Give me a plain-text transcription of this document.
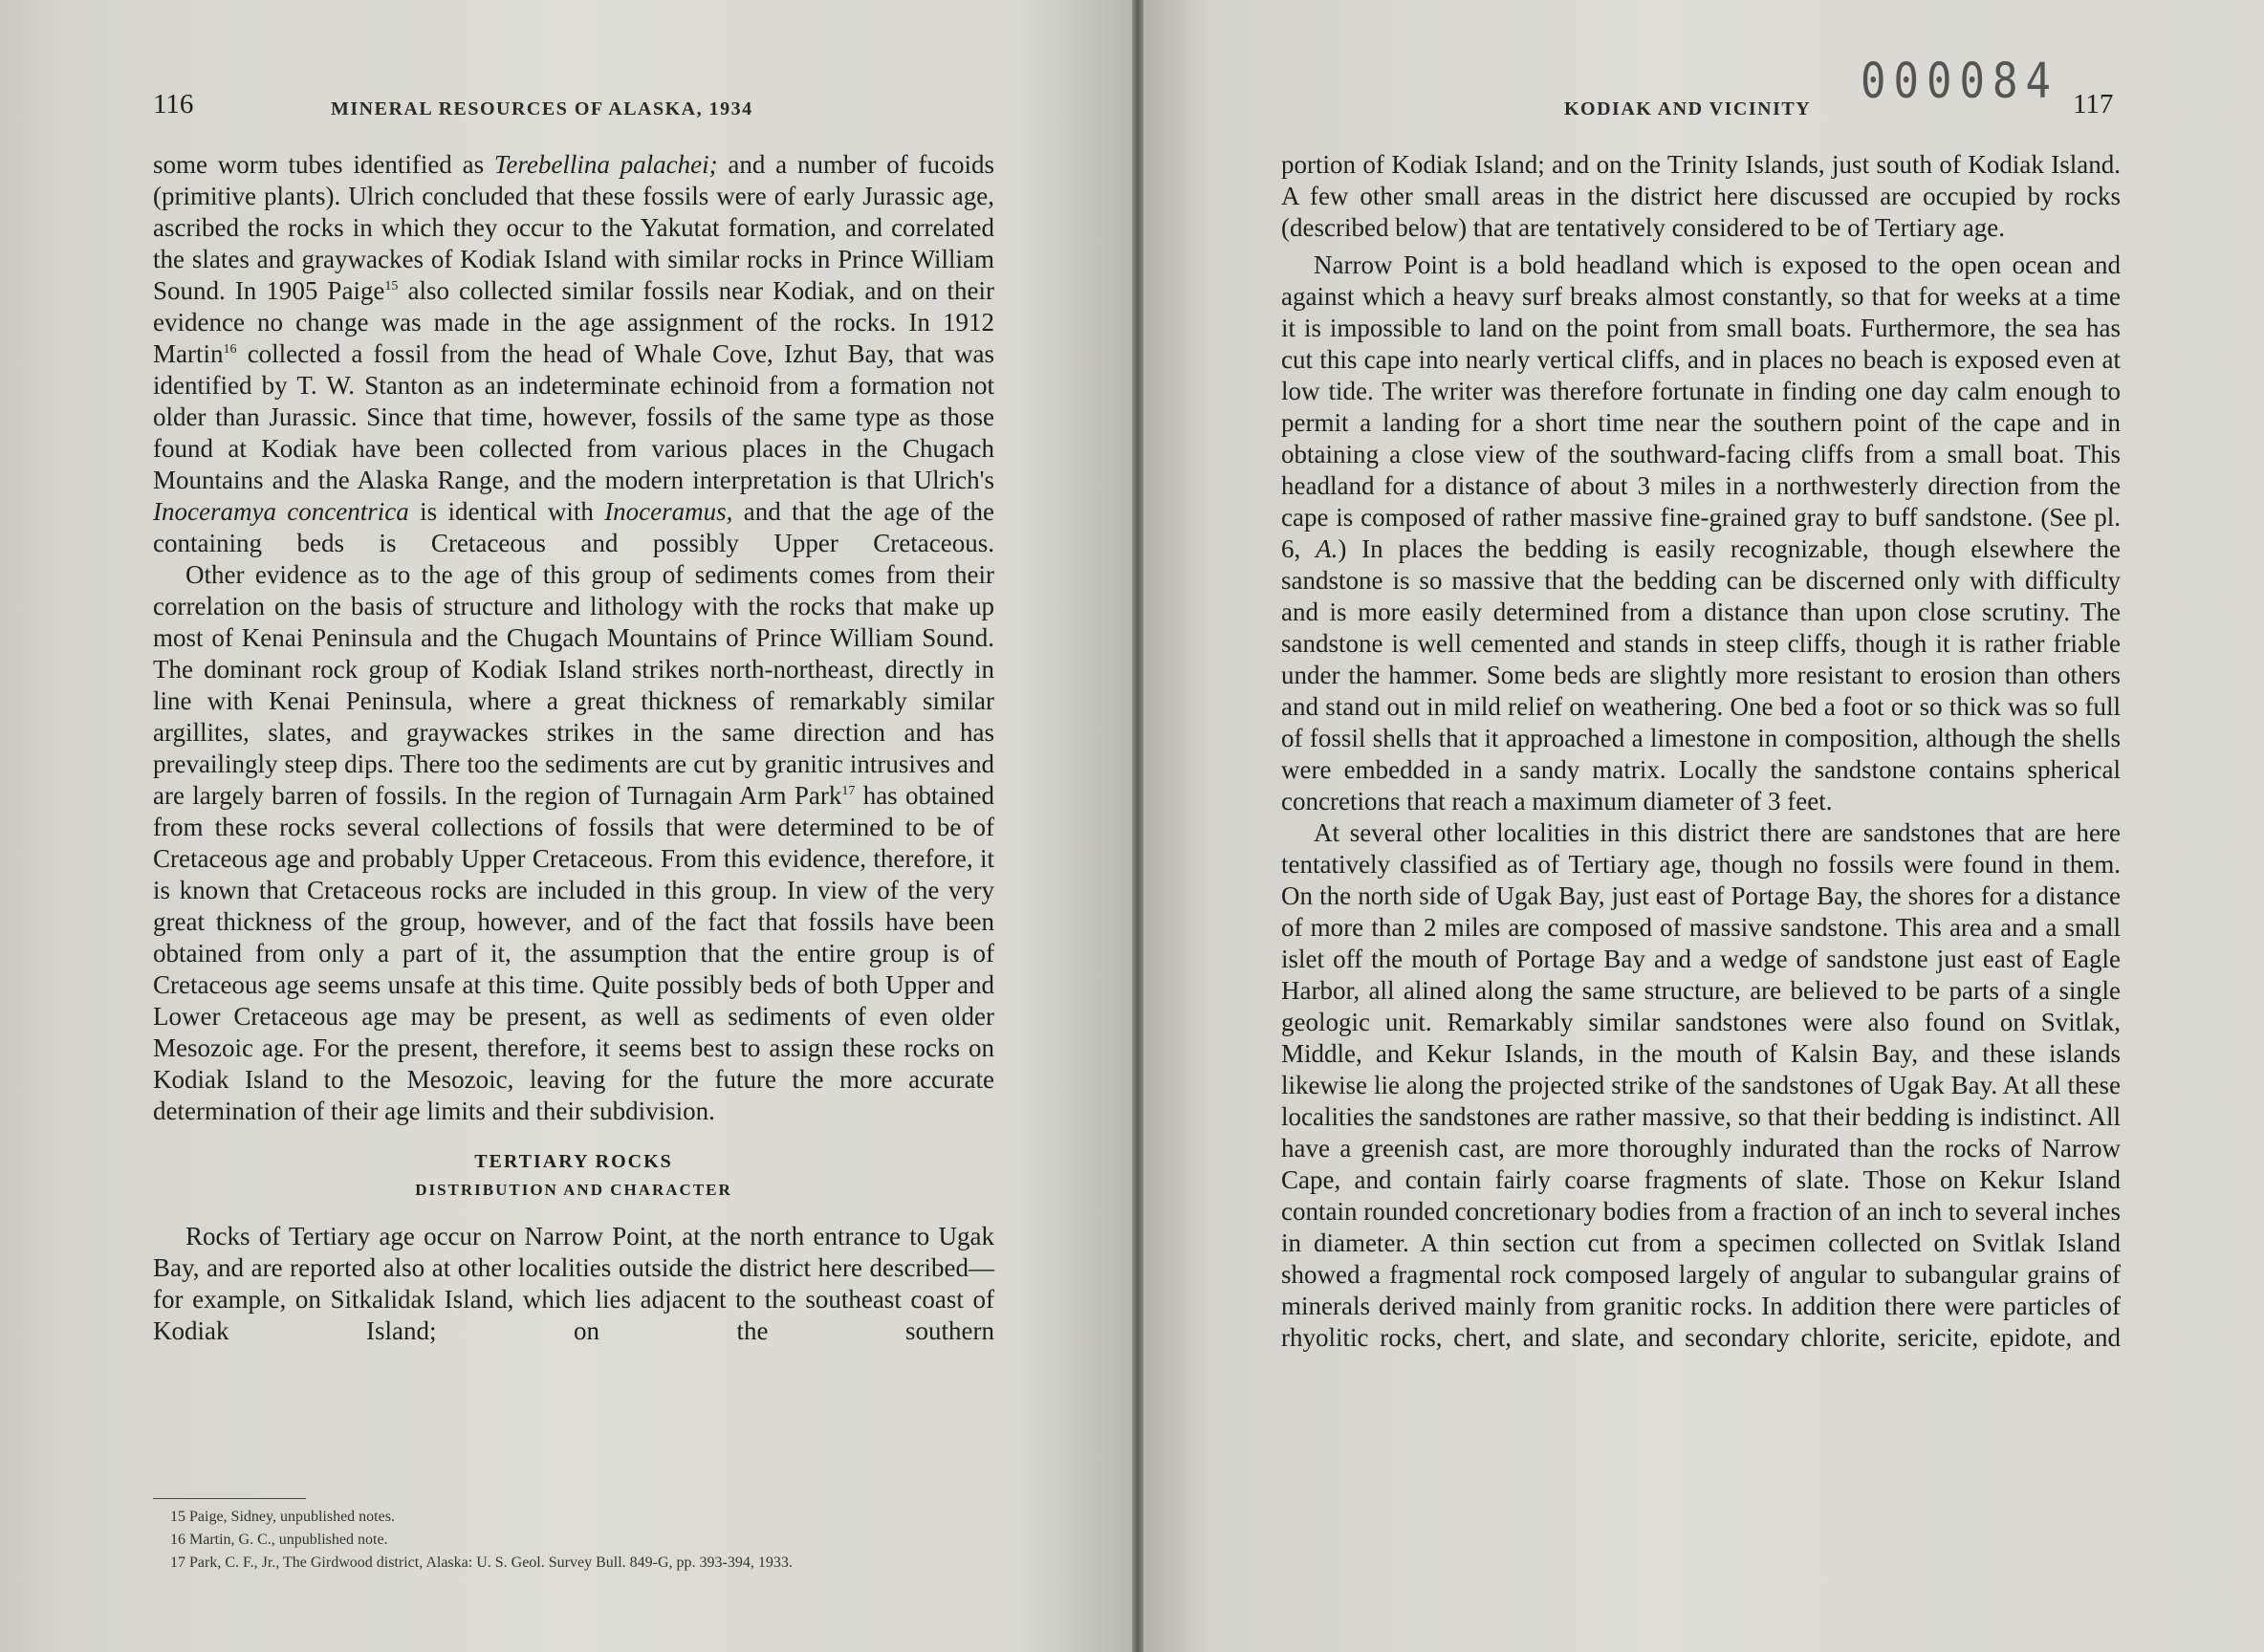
116	MINERAL RESOURCES OF ALASKA, 1934

some worm tubes identified as Terebellina palachei; and a number of fucoids (primitive plants). Ulrich concluded that these fossils were of early Jurassic age, ascribed the rocks in which they occur to the Yakutat formation, and correlated the slates and graywackes of Kodiak Island with similar rocks in Prince William Sound. In 1905 Paige$^{15}$ also collected similar fossils near Kodiak, and on their evidence no change was made in the age assignment of the rocks. In 1912 Martin$^{16}$ collected a fossil from the head of Whale Cove, Izhut Bay, that was identified by T. W. Stanton as an indeterminate echinoid from a formation not older than Jurassic. Since that time, however, fossils of the same type as those found at Kodiak have been collected from various places in the Chugach Mountains and the Alaska Range, and the modern interpretation is that Ulrich's Inoceramya concentrica is identical with Inoceramus, and that the age of the containing beds is Cretaceous and possibly Upper Cretaceous.

Other evidence as to the age of this group of sediments comes from their correlation on the basis of structure and lithology with the rocks that make up most of Kenai Peninsula and the Chugach Mountains of Prince William Sound. The dominant rock group of Kodiak Island strikes north-northeast, directly in line with Kenai Peninsula, where a great thickness of remarkably similar argillites, slates, and graywackes strikes in the same direction and has prevailingly steep dips. There too the sediments are cut by granitic intrusives and are largely barren of fossils. In the region of Turnagain Arm Park$^{17}$ has obtained from these rocks several collections of fossils that were determined to be of Cretaceous age and probably Upper Cretaceous. From this evidence, therefore, it is known that Cretaceous rocks are included in this group. In view of the very great thickness of the group, however, and of the fact that fossils have been obtained from only a part of it, the assumption that the entire group is of Cretaceous age seems unsafe at this time. Quite possibly beds of both Upper and Lower Cretaceous age may be present, as well as sediments of even older Mesozoic age. For the present, therefore, it seems best to assign these rocks on Kodiak Island to the Mesozoic, leaving for the future the more accurate determination of their age limits and their subdivision.

TERTIARY ROCKS
DISTRIBUTION AND CHARACTER

Rocks of Tertiary age occur on Narrow Point, at the north entrance to Ugak Bay, and are reported also at other localities outside the district here described—for example, on Sitkalidak Island, which lies adjacent to the southeast coast of Kodiak Island; on the southern

15 Paige, Sidney, unpublished notes.
16 Martin, G. C., unpublished note.
17 Park, C. F., Jr., The Girdwood district, Alaska: U. S. Geol. Survey Bull. 849-G, pp. 393-394, 1933.
000084
KODIAK AND VICINITY	117

portion of Kodiak Island; and on the Trinity Islands, just south of Kodiak Island. A few other small areas in the district here discussed are occupied by rocks (described below) that are tentatively considered to be of Tertiary age.

Narrow Point is a bold headland which is exposed to the open ocean and against which a heavy surf breaks almost constantly, so that for weeks at a time it is impossible to land on the point from small boats. Furthermore, the sea has cut this cape into nearly vertical cliffs, and in places no beach is exposed even at low tide. The writer was therefore fortunate in finding one day calm enough to permit a landing for a short time near the southern point of the cape and in obtaining a close view of the southward-facing cliffs from a small boat. This headland for a distance of about 3 miles in a northwesterly direction from the cape is composed of rather massive fine-grained gray to buff sandstone. (See pl. 6, A.) In places the bedding is easily recognizable, though elsewhere the sandstone is so massive that the bedding can be discerned only with difficulty and is more easily determined from a distance than upon close scrutiny. The sandstone is well cemented and stands in steep cliffs, though it is rather friable under the hammer. Some beds are slightly more resistant to erosion than others and stand out in mild relief on weathering. One bed a foot or so thick was so full of fossil shells that it approached a limestone in composition, although the shells were embedded in a sandy matrix. Locally the sandstone contains spherical concretions that reach a maximum diameter of 3 feet.

At several other localities in this district there are sandstones that are here tentatively classified as of Tertiary age, though no fossils were found in them. On the north side of Ugak Bay, just east of Portage Bay, the shores for a distance of more than 2 miles are composed of massive sandstone. This area and a small islet off the mouth of Portage Bay and a wedge of sandstone just east of Eagle Harbor, all alined along the same structure, are believed to be parts of a single geologic unit. Remarkably similar sandstones were also found on Svitlak, Middle, and Kekur Islands, in the mouth of Kalsin Bay, and these islands likewise lie along the projected strike of the sandstones of Ugak Bay. At all these localities the sandstones are rather massive, so that their bedding is indistinct. All have a greenish cast, are more thoroughly indurated than the rocks of Narrow Cape, and contain fairly coarse fragments of slate. Those on Kekur Island contain rounded concretionary bodies from a fraction of an inch to several inches in diameter. A thin section cut from a specimen collected on Svitlak Island showed a fragmental rock composed largely of angular to subangular grains of minerals derived mainly from granitic rocks. In addition there were particles of rhyolitic rocks, chert, and slate, and secondary chlorite, sericite, epidote, and
